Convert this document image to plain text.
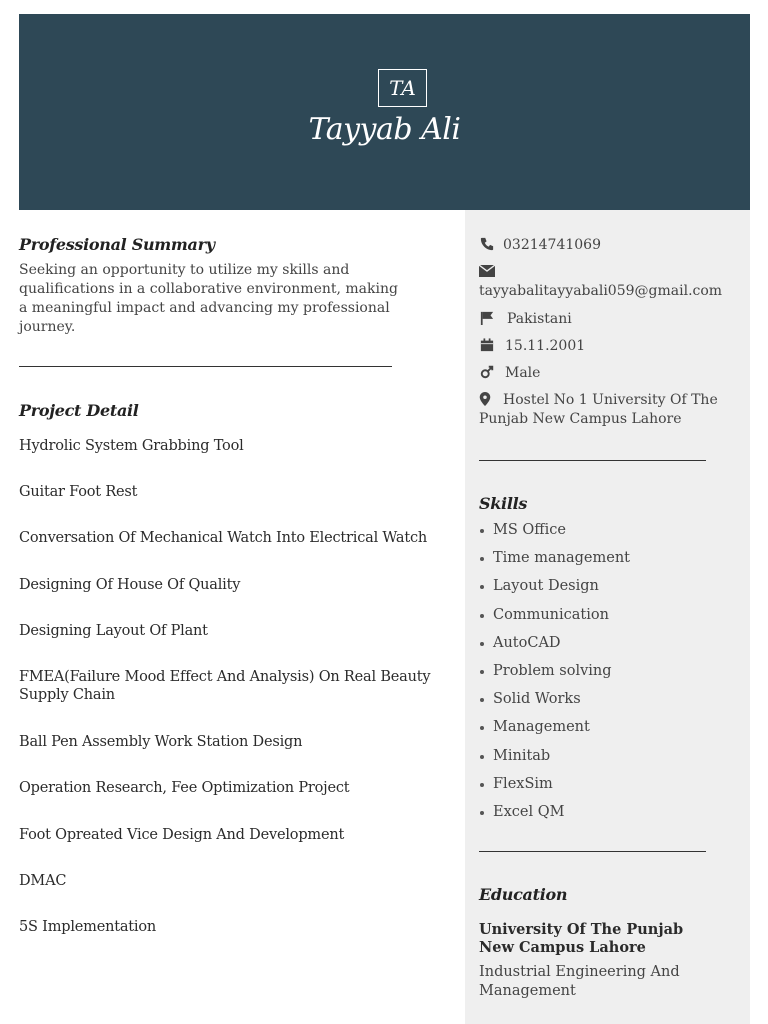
TA
Tayyab Ali
Professional Summary
Seeking an opportunity to utilize my skills and qualifications in a collaborative environment, making a meaningful impact and advancing my professional journey.
Project Detail
Hydrolic System Grabbing Tool
Guitar Foot Rest
Conversation Of Mechanical Watch Into Electrical Watch
Designing Of House Of Quality
Designing Layout Of Plant
FMEA(Failure Mood Effect And Analysis) On Real Beauty Supply Chain
Ball Pen Assembly Work Station Design
Operation Research, Fee Optimization Project
Foot Opreated Vice Design And Development
DMAC
5S Implementation
03214741069
tayyabalitayyabali059@gmail.com
Pakistani
15.11.2001
Male
Hostel No 1 University Of The Punjab New Campus Lahore
Skills
MS Office
Time management
Layout Design
Communication
AutoCAD
Problem solving
Solid Works
Management
Minitab
FlexSim
Excel QM
Education
University Of The Punjab New Campus Lahore
Industrial Engineering And Management
